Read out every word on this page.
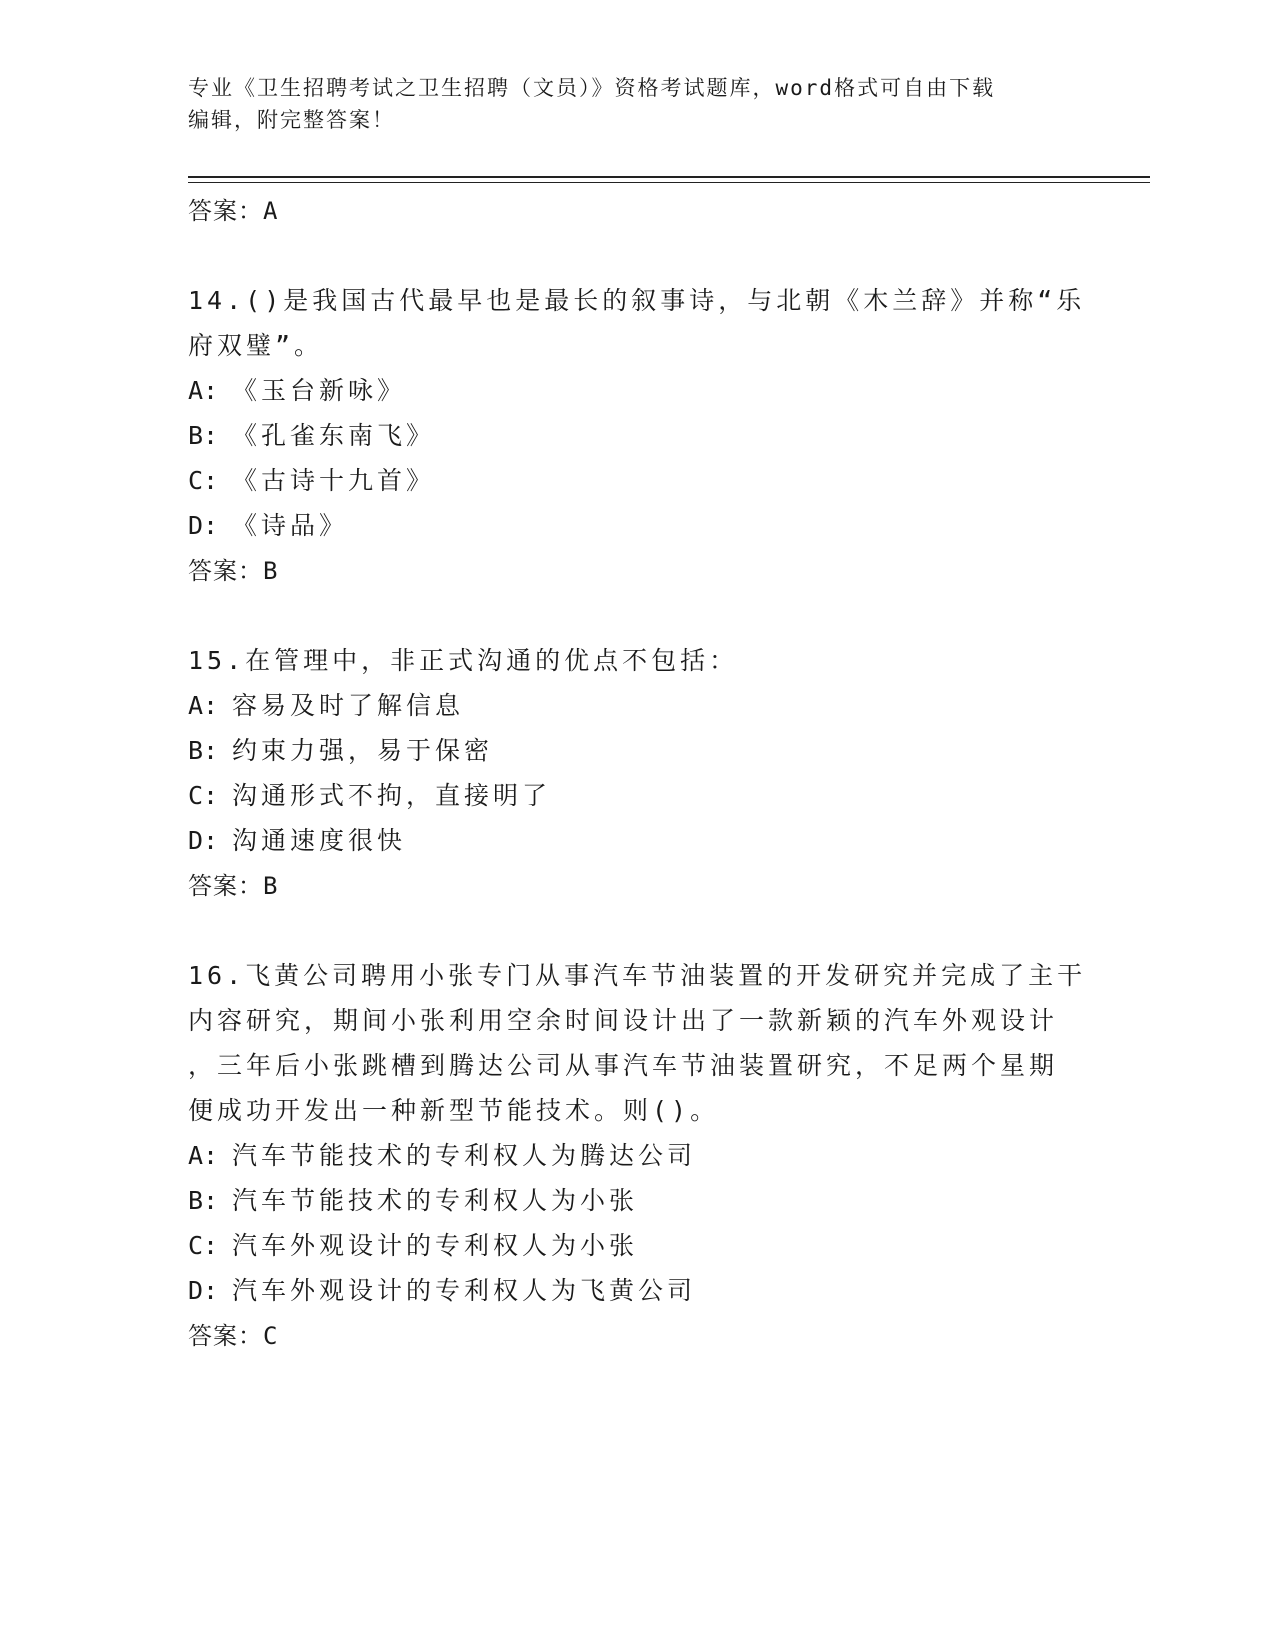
专业《卫生招聘考试之卫生招聘（文员）》资格考试题库，word格式可自由下载
编辑，附完整答案！
答案：A
14.()是我国古代最早也是最长的叙事诗，与北朝《木兰辞》并称“乐
府双璧”。
A: 《玉台新咏》
B: 《孔雀东南飞》
C: 《古诗十九首》
D: 《诗品》
答案：B
15.在管理中，非正式沟通的优点不包括：
A: 容易及时了解信息
B: 约束力强，易于保密
C: 沟通形式不拘，直接明了
D: 沟通速度很快
答案：B
16.飞黄公司聘用小张专门从事汽车节油装置的开发研究并完成了主干
内容研究，期间小张利用空余时间设计出了一款新颖的汽车外观设计
，三年后小张跳槽到腾达公司从事汽车节油装置研究，不足两个星期
便成功开发出一种新型节能技术。则()。
A: 汽车节能技术的专利权人为腾达公司
B: 汽车节能技术的专利权人为小张
C: 汽车外观设计的专利权人为小张
D: 汽车外观设计的专利权人为飞黄公司
答案：C
